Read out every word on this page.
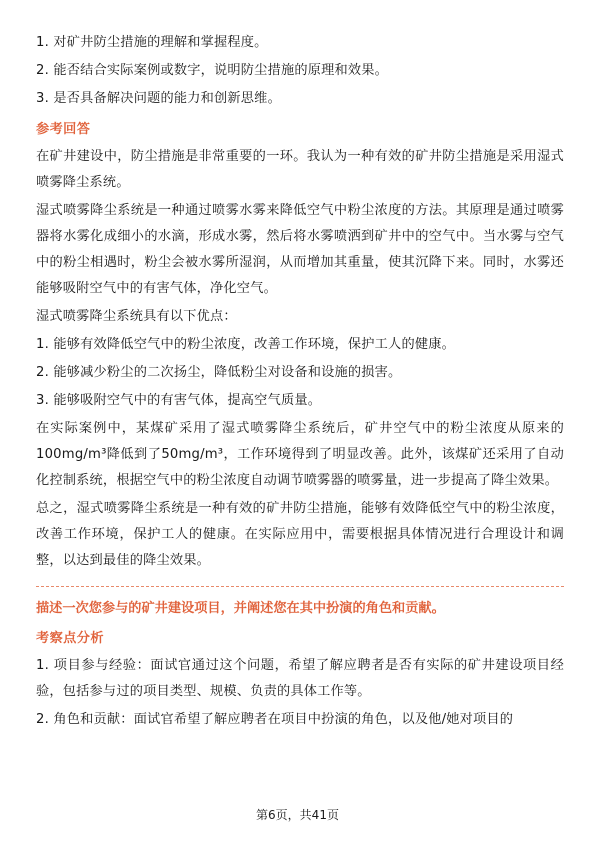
1. 对矿井防尘措施的理解和掌握程度。
2. 能否结合实际案例或数字，说明防尘措施的原理和效果。
3. 是否具备解决问题的能力和创新思维。
参考回答
在矿井建设中，防尘措施是非常重要的一环。我认为一种有效的矿井防尘措施是采用湿式喷雾降尘系统。
湿式喷雾降尘系统是一种通过喷雾水雾来降低空气中粉尘浓度的方法。其原理是通过喷雾器将水雾化成细小的水滴，形成水雾，然后将水雾喷洒到矿井中的空气中。当水雾与空气中的粉尘相遇时，粉尘会被水雾所湿润，从而增加其重量，使其沉降下来。同时，水雾还能够吸附空气中的有害气体，净化空气。
湿式喷雾降尘系统具有以下优点：
1. 能够有效降低空气中的粉尘浓度，改善工作环境，保护工人的健康。
2. 能够减少粉尘的二次扬尘，降低粉尘对设备和设施的损害。
3. 能够吸附空气中的有害气体，提高空气质量。
在实际案例中，某煤矿采用了湿式喷雾降尘系统后，矿井空气中的粉尘浓度从原来的100mg/m³降低到了50mg/m³，工作环境得到了明显改善。此外，该煤矿还采用了自动化控制系统，根据空气中的粉尘浓度自动调节喷雾器的喷雾量，进一步提高了降尘效果。
总之，湿式喷雾降尘系统是一种有效的矿井防尘措施，能够有效降低空气中的粉尘浓度，改善工作环境，保护工人的健康。在实际应用中，需要根据具体情况进行合理设计和调整，以达到最佳的降尘效果。
描述一次您参与的矿井建设项目，并阐述您在其中扮演的角色和贡献。
考察点分析
1. 项目参与经验：面试官通过这个问题，希望了解应聘者是否有实际的矿井建设项目经验，包括参与过的项目类型、规模、负责的具体工作等。
2. 角色和贡献：面试官希望了解应聘者在项目中扮演的角色，以及他/她对项目的
第6页，共41页
